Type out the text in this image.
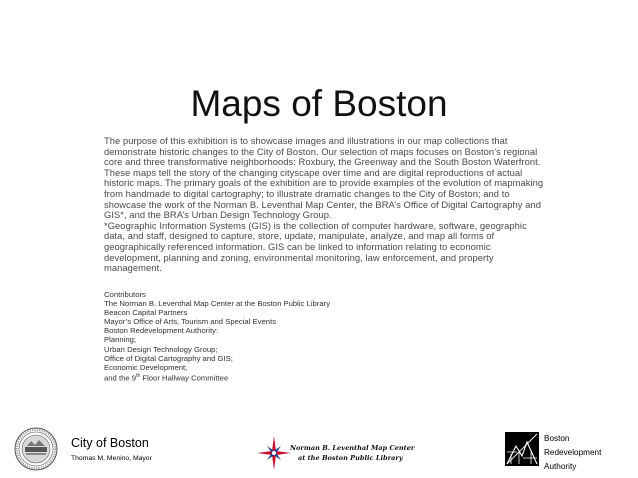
Maps of Boston

The purpose of this exhibition is to showcase images and illustrations in our map collections that demonstrate historic changes to the City of Boston. Our selection of maps focuses on Boston’s regional core and three transformative neighborhoods: Roxbury, the Greenway and the South Boston Waterfront. These maps tell the story of the changing cityscape over time and are digital reproductions of actual historic maps. The primary goals of the exhibition are to provide examples of the evolution of mapmaking from handmade to digital cartography; to illustrate dramatic changes to the City of Boston; and to showcase the work of the Norman B. Leventhal Map Center, the BRA’s Office of Digital Cartography and GIS*, and the BRA’s Urban Design Technology Group.

*Geographic Information Systems (GIS) is the collection of computer hardware, software, geographic data, and staff, designed to capture, store, update, manipulate, analyze, and map all forms of geographically referenced information. GIS can be linked to information relating to economic development, planning and zoning, environmental monitoring, law enforcement, and property management.

Contributors
The Norman B. Leventhal Map Center at the Boston Public Library
Beacon Capital Partners
Mayor’s Office of Arts, Tourism and Special Events
Boston Redevelopment Authority:
Planning;
Urban Design Technology Group;
Office of Digital Cartography and GIS;
Economic Development;
and the 9th Floor Hallway Committee
City of Boston
Thomas M. Menino, Mayor
Norman B. Leventhal Map Center
at the Boston Public Library
Boston
Redevelopment
Authority
